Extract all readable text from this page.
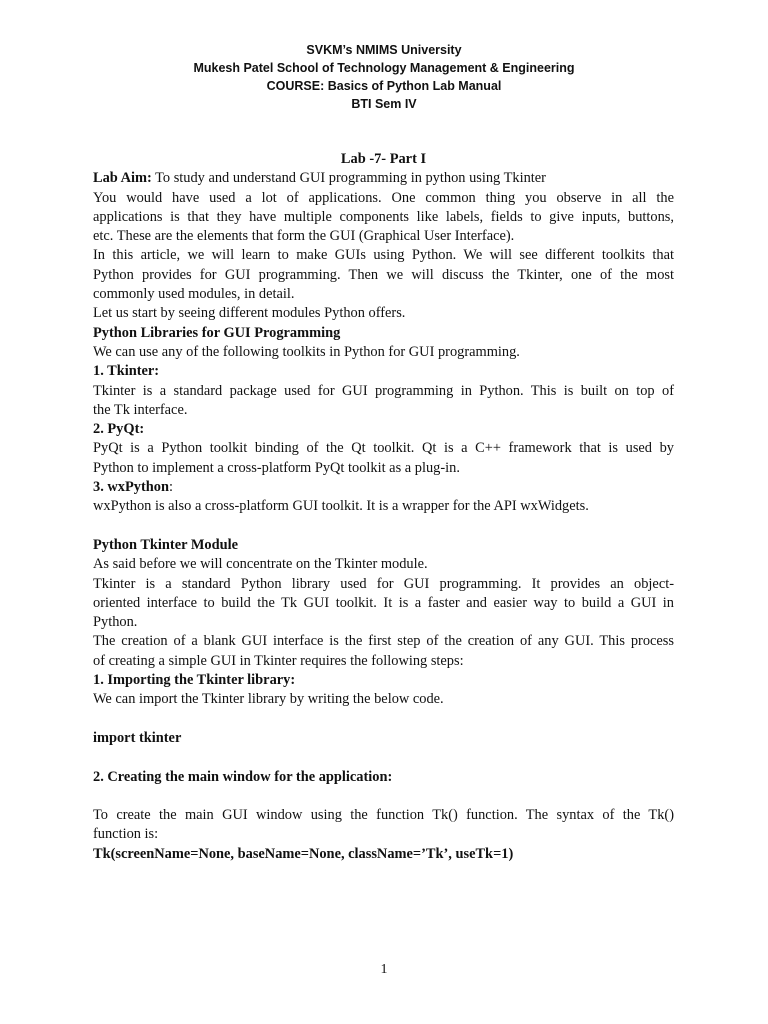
SVKM’s NMIMS University
Mukesh Patel School of Technology Management & Engineering
COURSE: Basics of Python Lab Manual
BTI Sem IV
Lab -7- Part I
Lab Aim: To study and understand GUI programming in python using Tkinter
You would have used a lot of applications. One common thing you observe in all the
applications is that they have multiple components like labels, fields to give inputs, buttons,
etc. These are the elements that form the GUI (Graphical User Interface).
In this article, we will learn to make GUIs using Python. We will see different toolkits that
Python provides for GUI programming. Then we will discuss the Tkinter, one of the most
commonly used modules, in detail.
Let us start by seeing different modules Python offers.
Python Libraries for GUI Programming
We can use any of the following toolkits in Python for GUI programming.
1. Tkinter:
Tkinter is a standard package used for GUI programming in Python. This is built on top of
the Tk interface.
2. PyQt:
PyQt is a Python toolkit binding of the Qt toolkit. Qt is a C++ framework that is used by
Python to implement a cross-platform PyQt toolkit as a plug-in.
3. wxPython:
wxPython is also a cross-platform GUI toolkit. It is a wrapper for the API wxWidgets.
Python Tkinter Module
As said before we will concentrate on the Tkinter module.
Tkinter is a standard Python library used for GUI programming. It provides an object-
oriented interface to build the Tk GUI toolkit. It is a faster and easier way to build a GUI in
Python.
The creation of a blank GUI interface is the first step of the creation of any GUI. This process
of creating a simple GUI in Tkinter requires the following steps:
1. Importing the Tkinter library:
We can import the Tkinter library by writing the below code.
import tkinter
2. Creating the main window for the application:
To create the main GUI window using the function Tk() function. The syntax of the Tk()
function is:
Tk(screenName=None, baseName=None, className=’Tk’, useTk=1)
1
